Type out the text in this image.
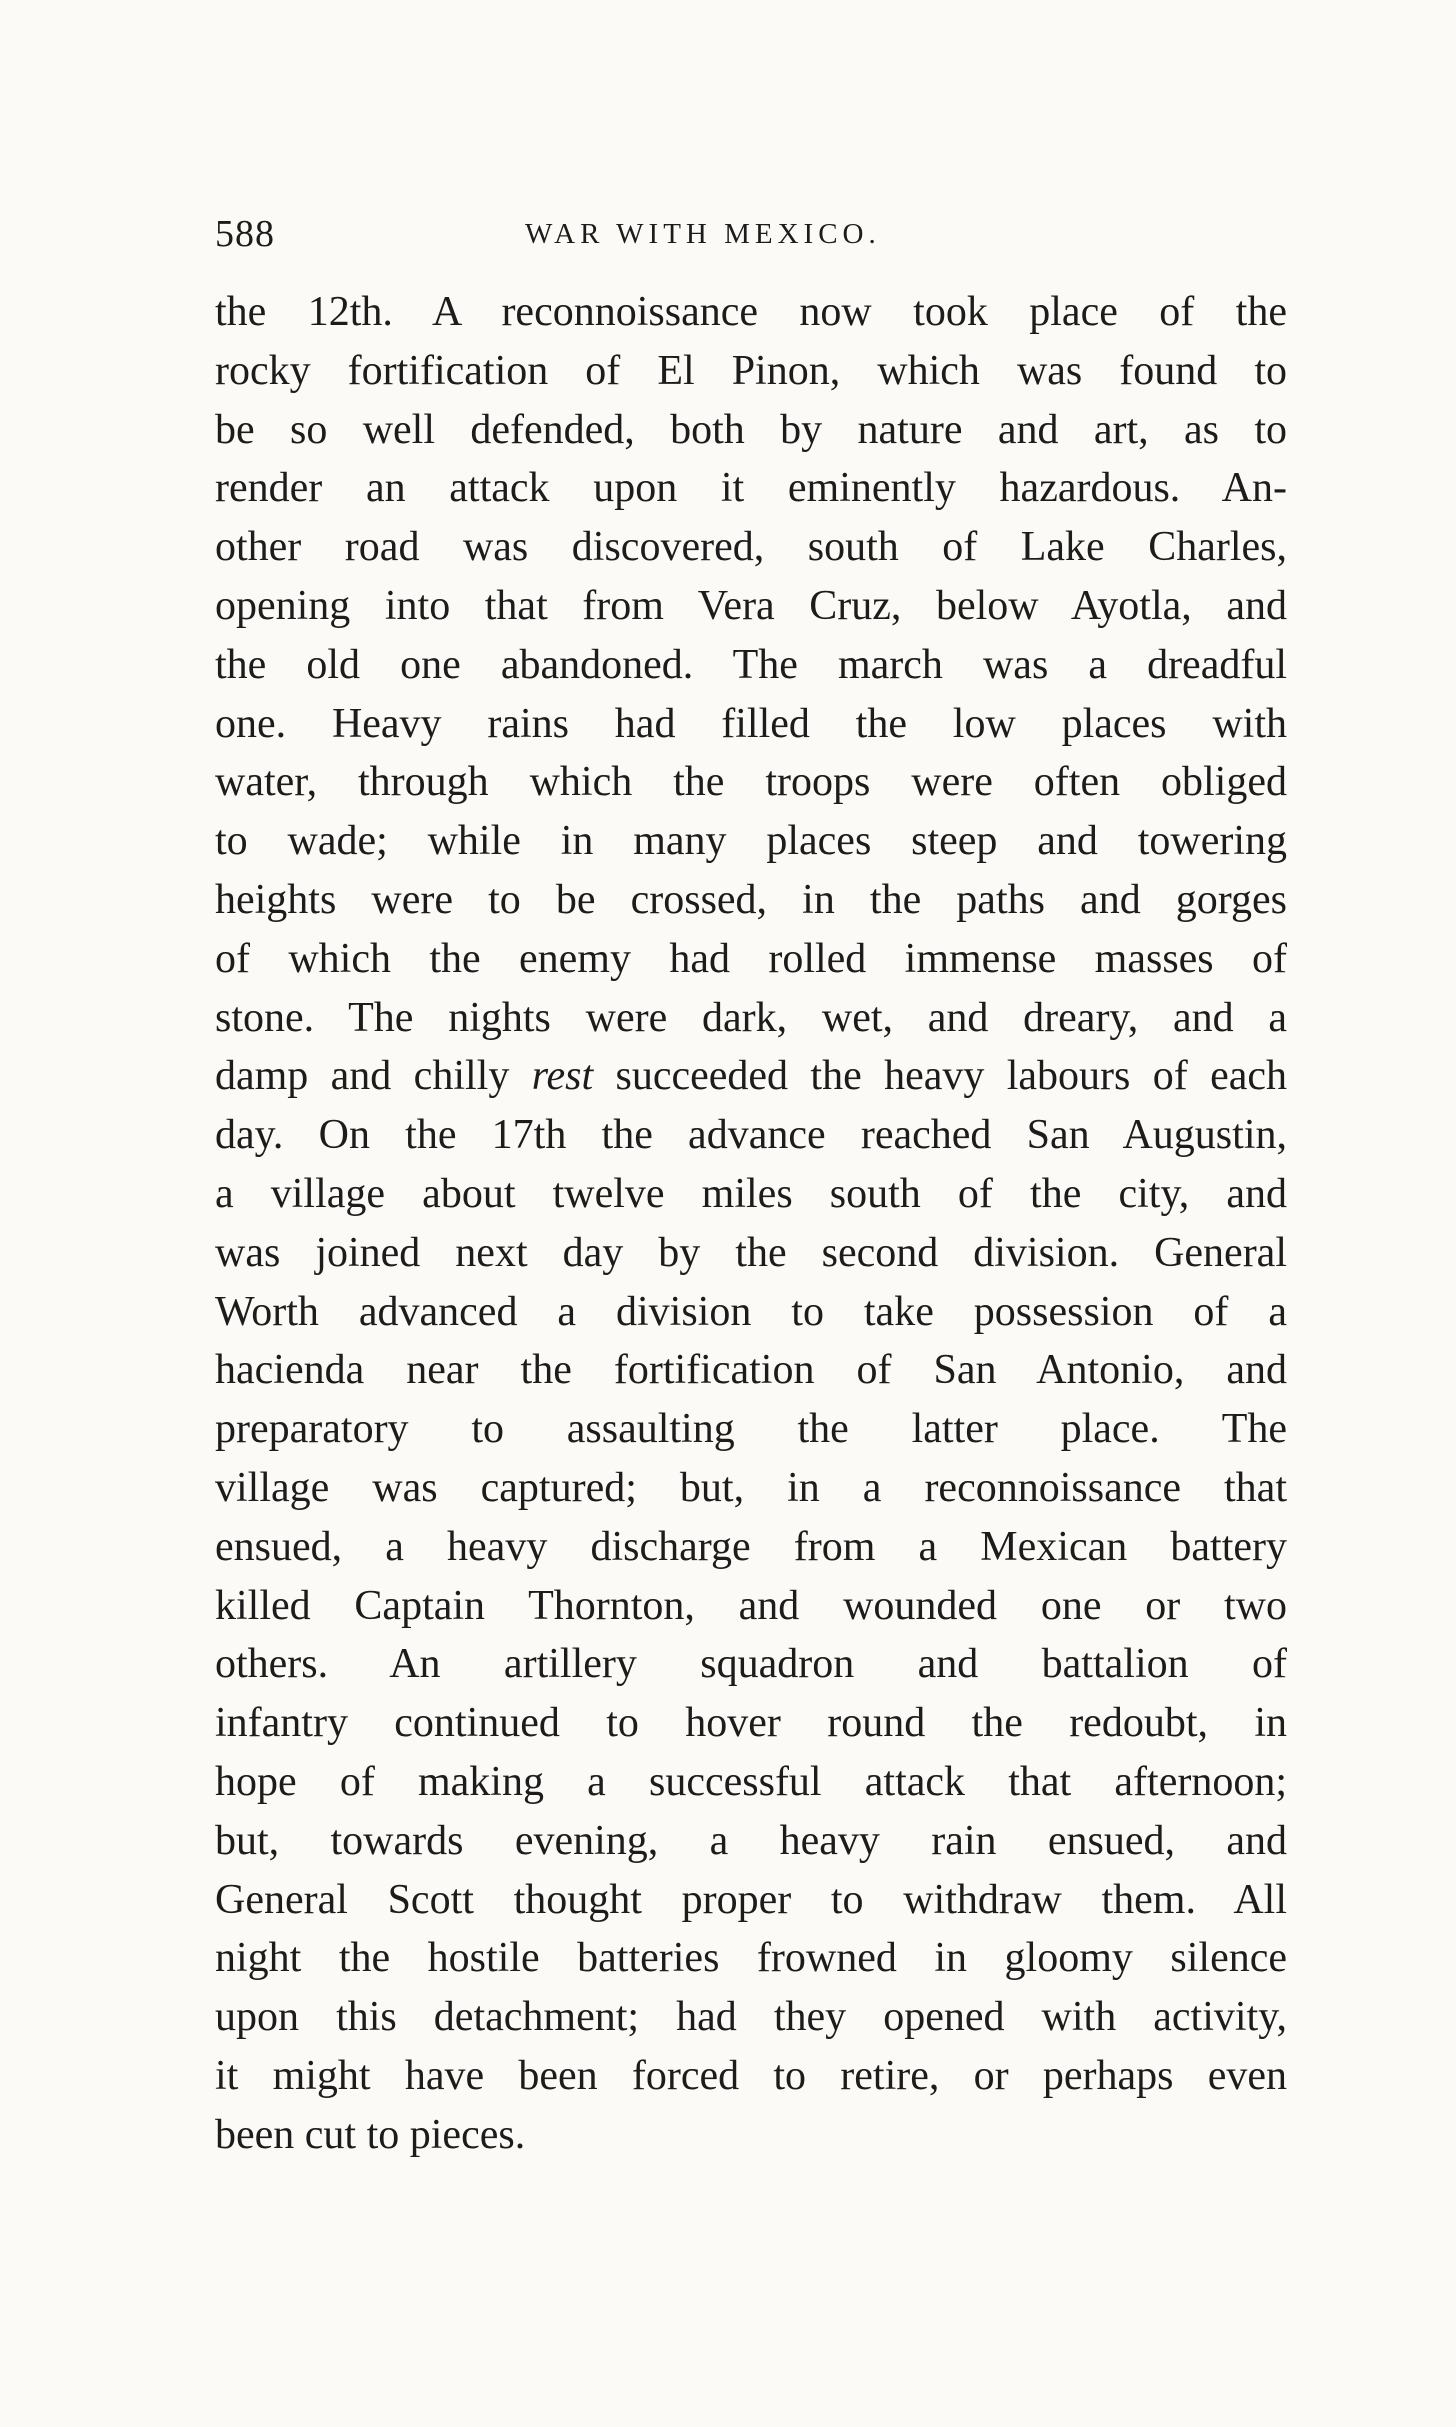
588	WAR WITH MEXICO.
the 12th. A reconnoissance now took place of the
rocky fortification of El Pinon, which was found to
be so well defended, both by nature and art, as to
render an attack upon it eminently hazardous. An-
other road was discovered, south of Lake Charles,
opening into that from Vera Cruz, below Ayotla, and
the old one abandoned. The march was a dreadful
one. Heavy rains had filled the low places with
water, through which the troops were often obliged
to wade; while in many places steep and towering
heights were to be crossed, in the paths and gorges
of which the enemy had rolled immense masses of
stone. The nights were dark, wet, and dreary, and a
damp and chilly rest succeeded the heavy labours of each
day. On the 17th the advance reached San Augustin,
a village about twelve miles south of the city, and
was joined next day by the second division. General
Worth advanced a division to take possession of a
hacienda near the fortification of San Antonio, and
preparatory to assaulting the latter place. The
village was captured; but, in a reconnoissance that
ensued, a heavy discharge from a Mexican battery
killed Captain Thornton, and wounded one or two
others. An artillery squadron and battalion of
infantry continued to hover round the redoubt, in
hope of making a successful attack that afternoon;
but, towards evening, a heavy rain ensued, and
General Scott thought proper to withdraw them. All
night the hostile batteries frowned in gloomy silence
upon this detachment; had they opened with activity,
it might have been forced to retire, or perhaps even
been cut to pieces.
